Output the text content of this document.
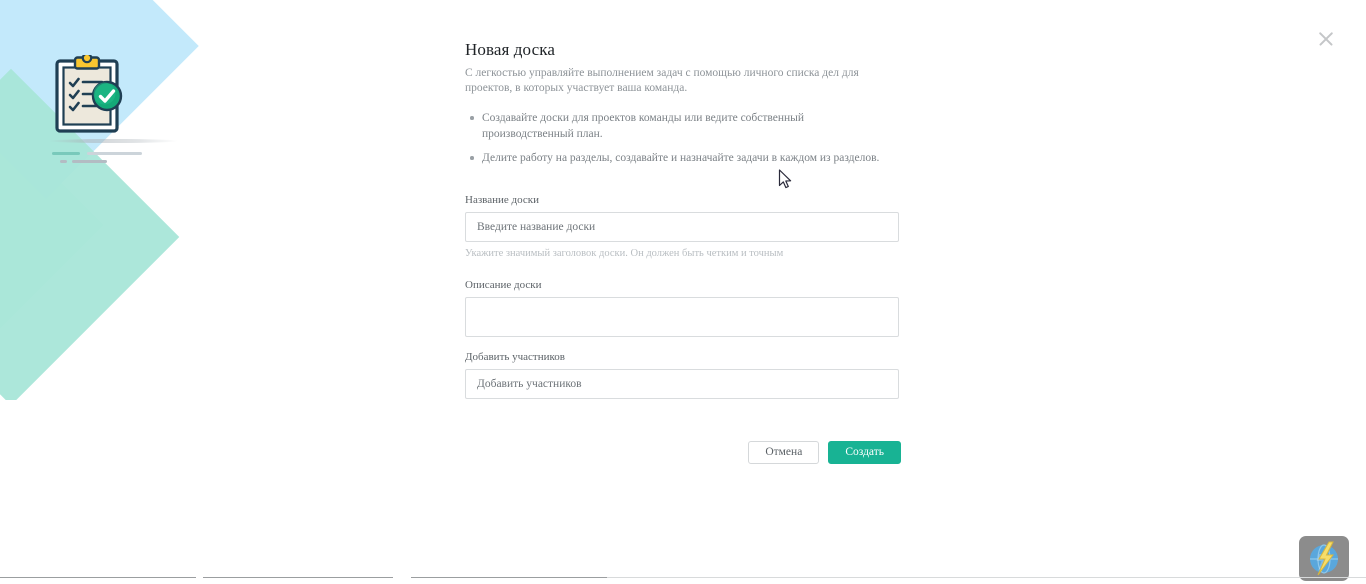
Новая доска

С легкостью управляйте выполнением задач с помощью личного списка дел для проектов, в которых участвует ваша команда.

Создавайте доски для проектов команды или ведите собственный производственный план.
Делите работу на разделы, создавайте и назначайте задачи в каждом из разделов.
Название доски
Введите название доски
Укажите значимый заголовок доски. Он должен быть четким и точным
Описание доски
Добавить участников
Добавить участников
Отмена	Создать
